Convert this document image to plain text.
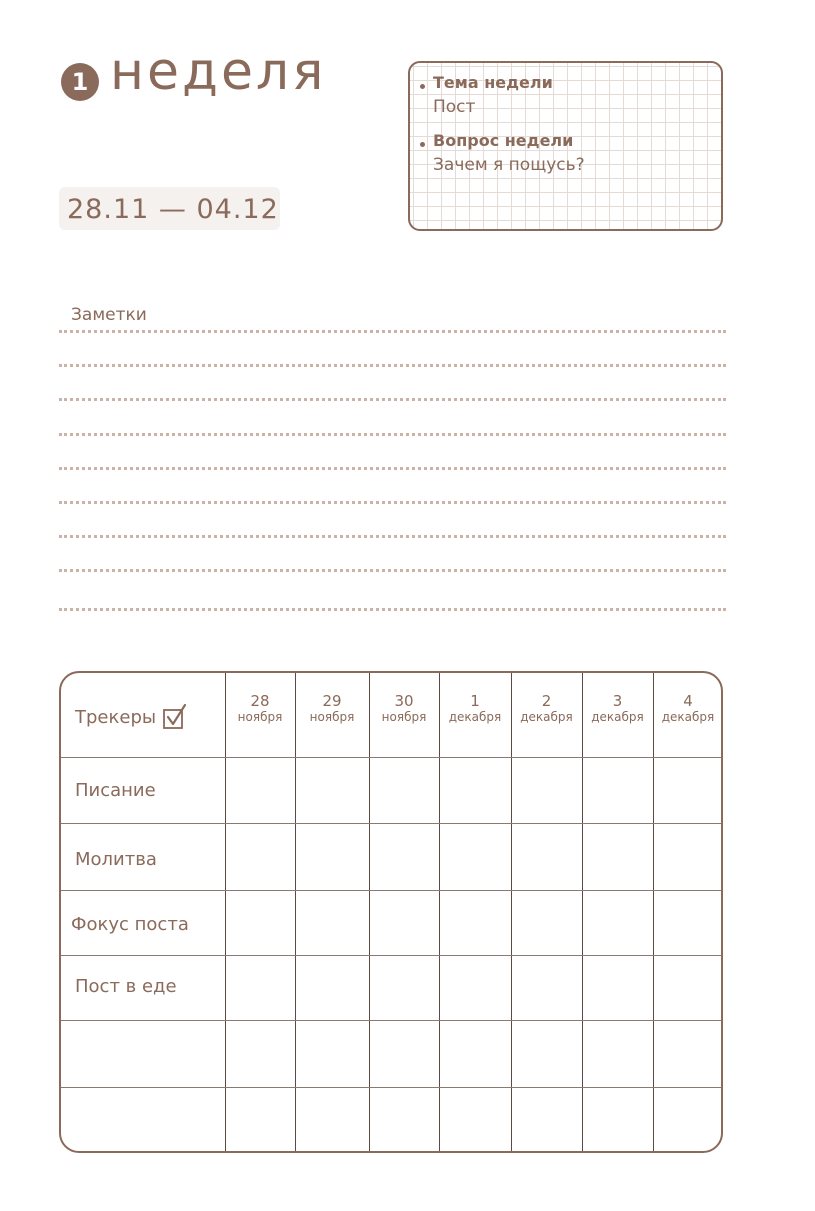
1 неделя
28.11 — 04.12
Тема недели
Пост
Вопрос недели
Зачем я пощусь?
Заметки
Трекеры
28
ноября
29
ноября
30
ноября
1
декабря
2
декабря
3
декабря
4
декабря
Писание
Молитва
Фокус поста
Пост в еде
